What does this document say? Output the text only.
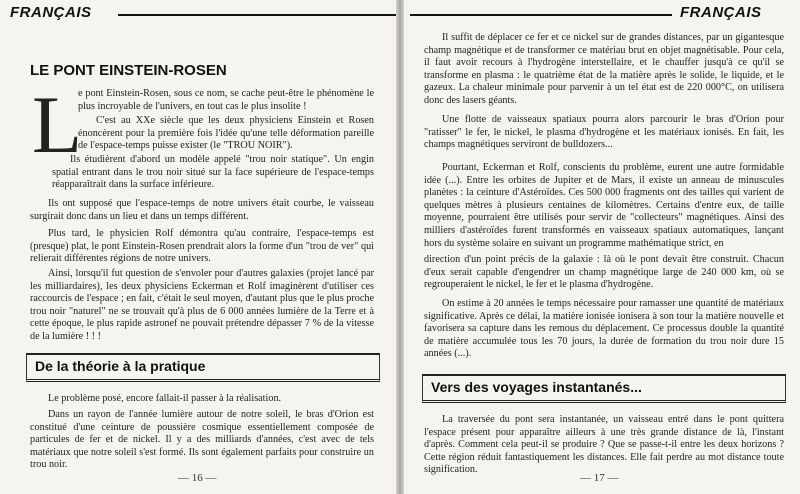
FRANÇAIS
LE PONT EINSTEIN-ROSEN
L

e pont Einstein-Rosen, sous ce nom, se cache peut-être le phénomène le plus incroyable de l'univers, en tout cas le plus insolite !

C'est au XXe siècle que les deux physiciens Einstein et Rosen énoncèrent pour la première fois l'idée qu'une telle déformation pareille de l'espace-temps puisse exister (le "TROU NOIR").

Ils étudièrent d'abord un modèle appelé "trou noir statique". Un engin spatial entrant dans le trou noir situé sur la face supérieure de l'espace-temps réapparaîtrait dans la surface inférieure.

Ils ont supposé que l'espace-temps de notre univers était courbe, le vaisseau surgirait donc dans un lieu et dans un temps différent.

Plus tard, le physicien Rolf démontra qu'au contraire, l'espace-temps est (presque) plat, le pont Einstein-Rosen prendrait alors la forme d'un "trou de ver" qui relierait différentes régions de notre univers.

Ainsi, lorsqu'il fut question de s'envoler pour d'autres galaxies (projet lancé par les milliardaires), les deux physiciens Eckerman et Rolf imaginèrent d'utiliser ces raccourcis de l'espace ; en fait, c'était le seul moyen, d'autant plus que le plus proche trou noir "naturel" ne se trouvait qu'à plus de 6 000 années lumière de la Terre et à cette époque, le plus rapide astronef ne pouvait prétendre dépasser 7 % de la vitesse de la lumière ! ! !

De la théorie à la pratique

Le problème posé, encore fallait-il passer à la réalisation.

Dans un rayon de l'année lumière autour de notre soleil, le bras d'Orion est constitué d'une ceinture de poussière cosmique essentiellement composée de particules de fer et de nickel. Il y a des milliards d'années, c'est avec de tels matériaux que notre soleil s'est formé. Ils sont également parfaits pour construire un trou noir.

— 16 —
FRANÇAIS

Il suffit de déplacer ce fer et ce nickel sur de grandes distances, par un gigantesque champ magnétique et de transformer ce matériau brut en objet magnétisable. Pour cela, il faut avoir recours à l'hydrogène interstellaire, et le chauffer jusqu'à ce qu'il se transforme en plasma : le quatrième état de la matière après le solide, le liquide, et le gazeux. La chaleur minimale pour parvenir à un tel état est de 220 000°C, on utilisera donc des lasers géants.

Une flotte de vaisseaux spatiaux pourra alors parcourir le bras d'Orion pour "ratisser" le fer, le nickel, le plasma d'hydrogène et les matériaux ionisés. En fait, les champs magnétiques serviront de bulldozers...

Pourtant, Eckerman et Rolf, conscients du problème, eurent une autre formidable idée (...). Entre les orbites de Jupiter et de Mars, il existe un anneau de minuscules planètes : la ceinture d'Astéroïdes. Ces 500 000 fragments ont des tailles qui varient de quelques mètres à plusieurs centaines de kilomètres. Certains d'entre eux, de taille moyenne, pourraient être utilisés pour servir de "collecteurs" magnétiques. Ainsi des milliers d'astéroïdes furent transformés en vaisseaux spatiaux automatiques, lançant hors du système solaire en suivant un programme mathématique strict, en

direction d'un point précis de la galaxie : là où le pont devait être construit. Chacun d'eux serait capable d'engendrer un champ magnétique large de 240 000 km, où se regrouperaient le nickel, le fer et le plasma d'hydrogène.

On estime à 20 années le temps nécessaire pour ramasser une quantité de matériaux significative. Après ce délai, la matière ionisée ionisera à son tour la matière nouvelle et favorisera sa capture dans les remous du déplacement. Ce processus double la quantité de matière accumulée tous les 70 jours, la durée de formation du trou noir dure 15 années (...).

Vers des voyages instantanés...

La traversée du pont sera instantanée, un vaisseau entré dans le pont quittera l'espace présent pour apparaître ailleurs à une très grande distance de là, l'instant d'après. Comment cela peut-il se produire ? Que se passe-t-il entre les deux horizons ? Cette région réduit fantastiquement les distances. Elle fait perdre au mot distance toute signification.

— 17 —
